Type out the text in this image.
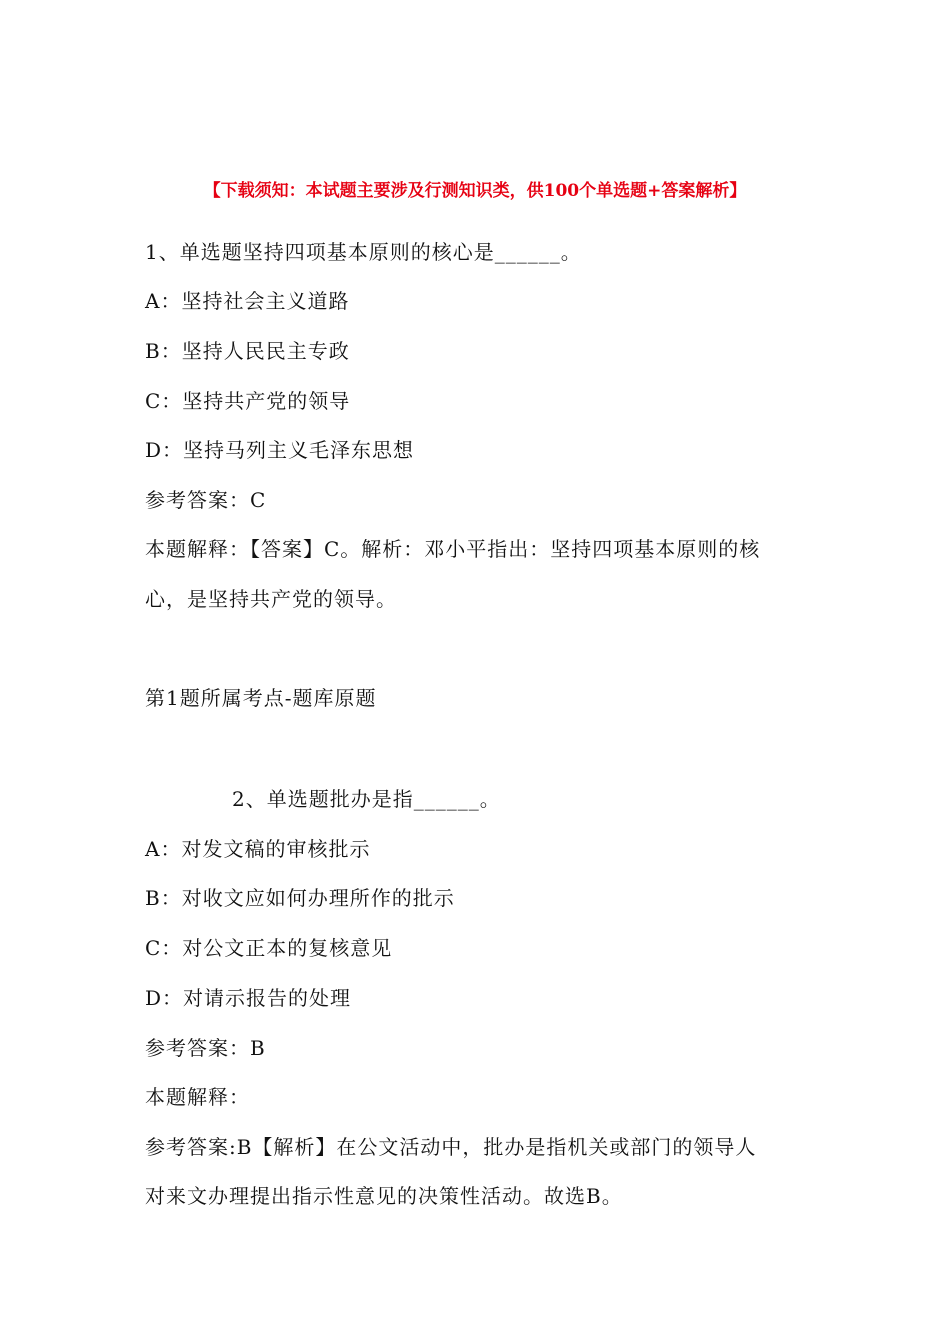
【下载须知：本试题主要涉及行测知识类，供100个单选题+答案解析】
1、单选题坚持四项基本原则的核心是______。
A：坚持社会主义道路
B：坚持人民民主专政
C：坚持共产党的领导
D：坚持马列主义毛泽东思想
参考答案：C
本题解释：【答案】C。解析：邓小平指出：坚持四项基本原则的核
心，是坚持共产党的领导。
第1题所属考点-题库原题
2、单选题批办是指______。
A：对发文稿的审核批示
B：对收文应如何办理所作的批示
C：对公文正本的复核意见
D：对请示报告的处理
参考答案：B
本题解释：
参考答案:B【解析】在公文活动中，批办是指机关或部门的领导人
对来文办理提出指示性意见的决策性活动。故选B。
